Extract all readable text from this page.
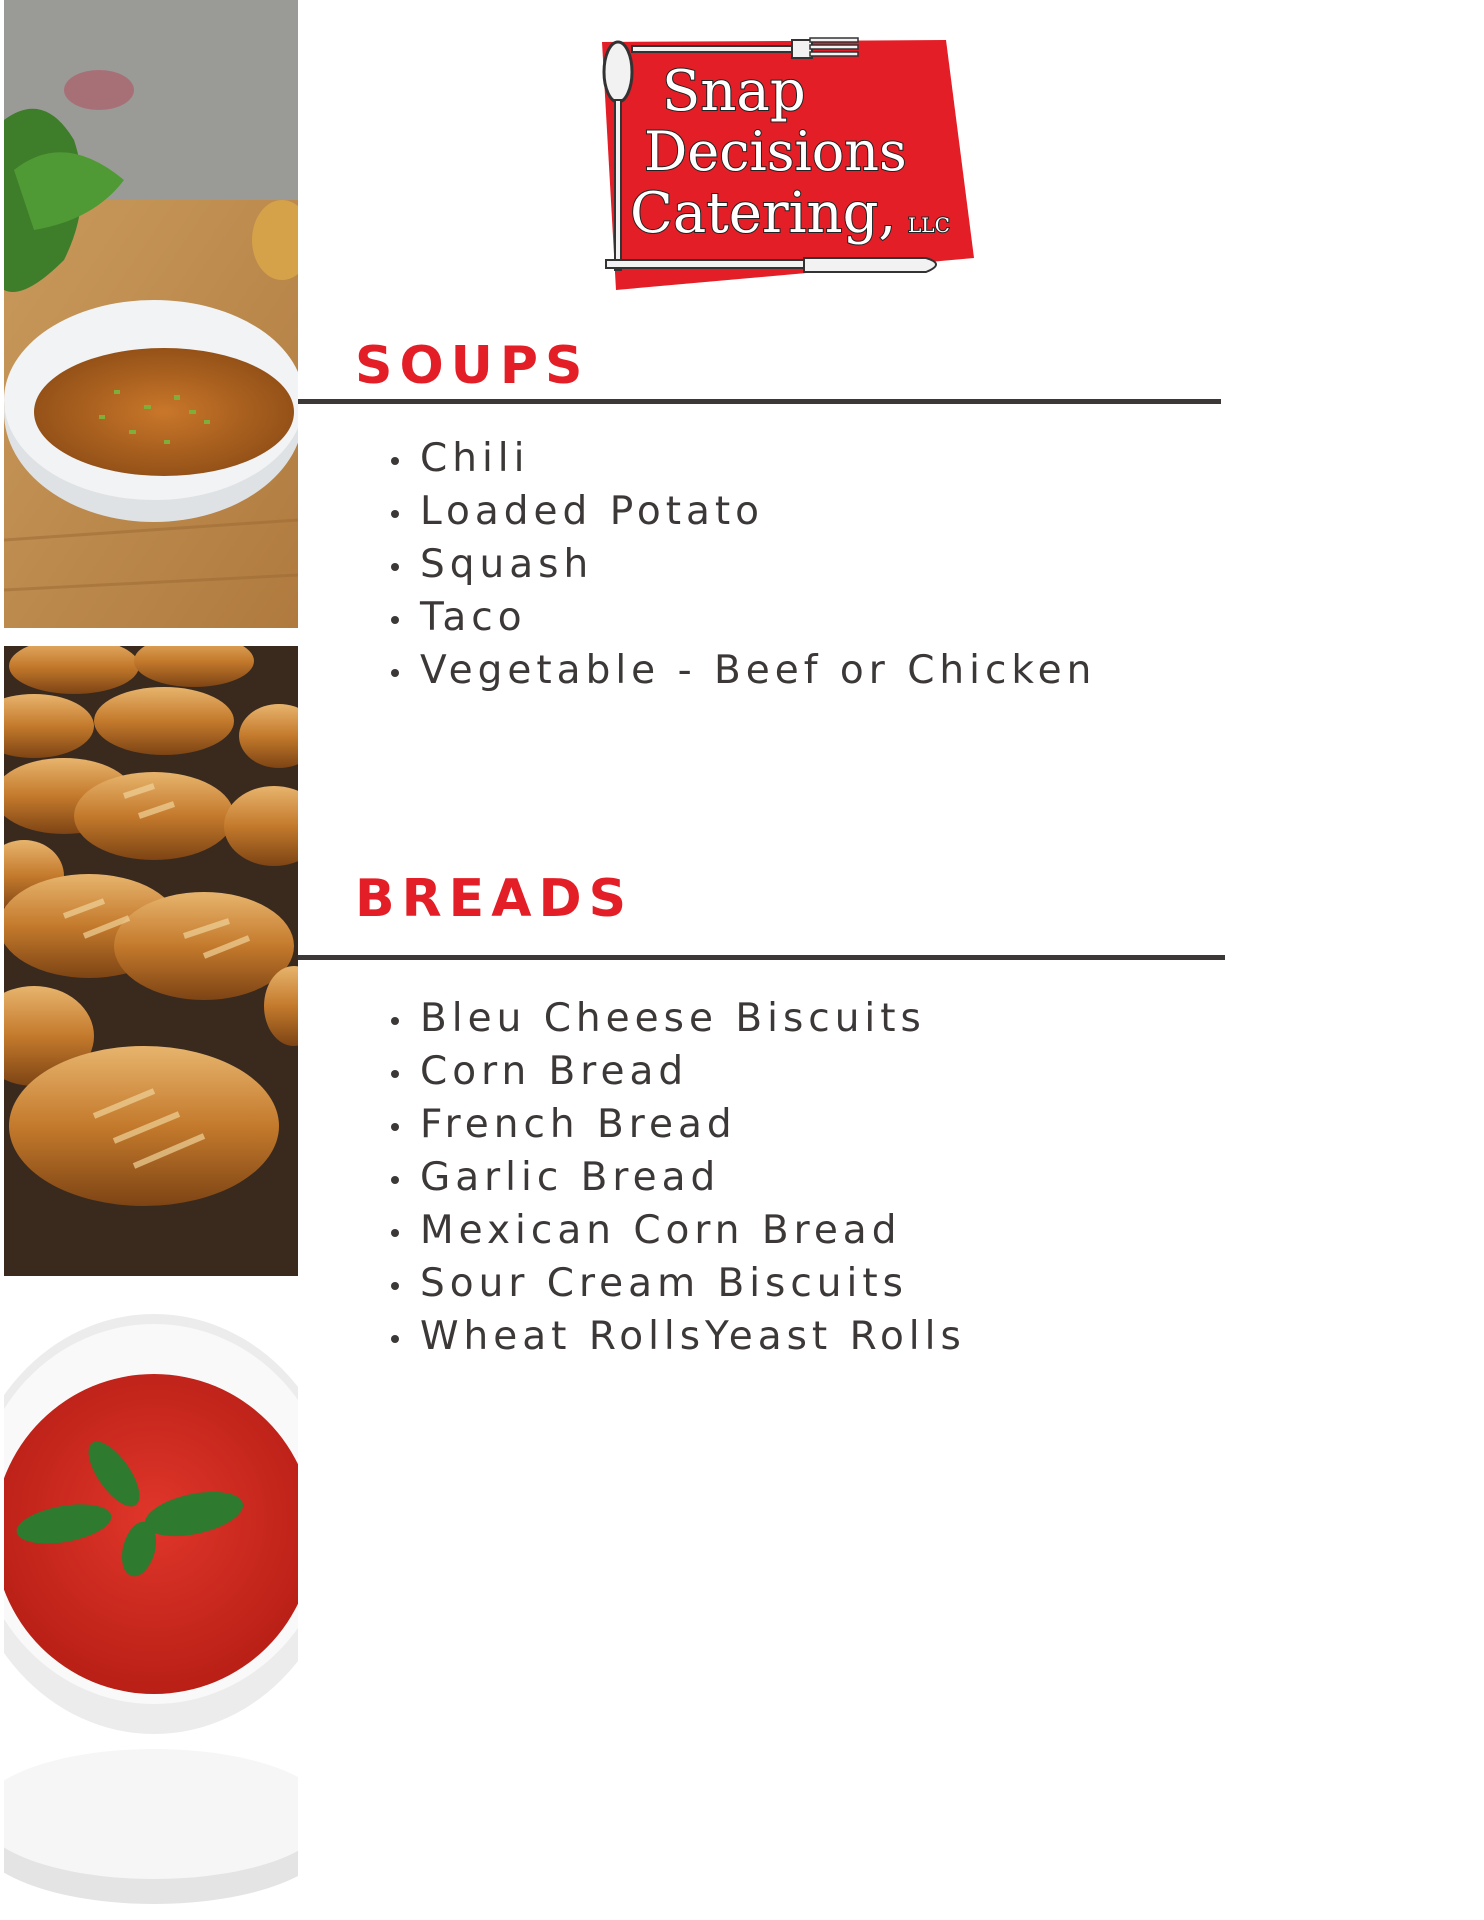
Snap
Decisions
Catering, LLC
SOUPS
Chili
Loaded Potato
Squash
Taco
Vegetable - Beef or Chicken
BREADS
Bleu Cheese Biscuits
Corn Bread
French Bread
Garlic Bread
Mexican Corn Bread
Sour Cream Biscuits
Wheat RollsYeast Rolls
